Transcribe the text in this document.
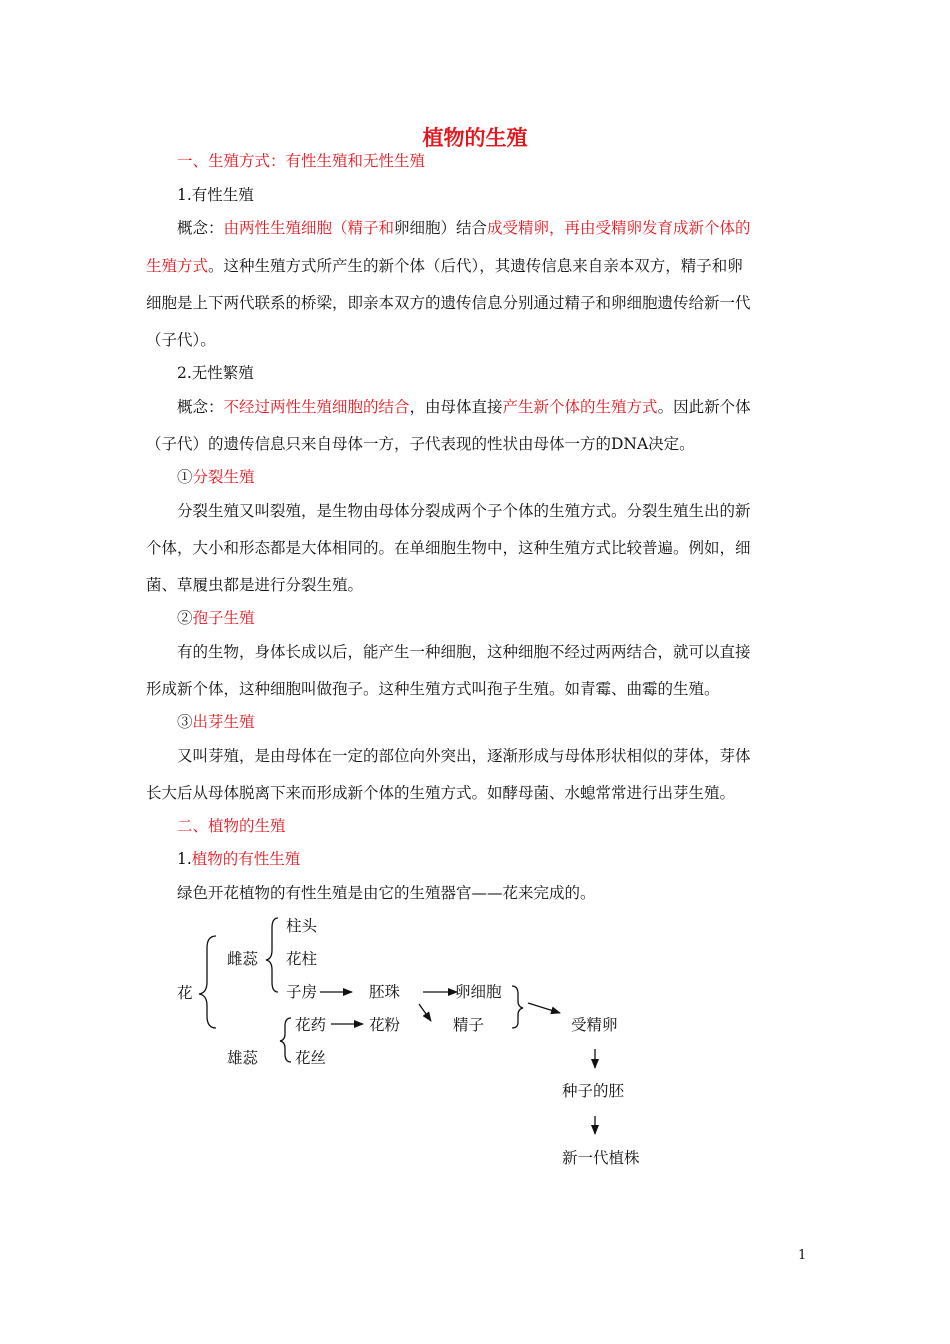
植物的生殖
一、生殖方式：有性生殖和无性生殖
1.有性生殖
概念：由两性生殖细胞（精子和卵细胞）结合成受精卵，再由受精卵发育成新个体的
生殖方式。这种生殖方式所产生的新个体（后代），其遗传信息来自亲本双方，精子和卵
细胞是上下两代联系的桥梁，即亲本双方的遗传信息分别通过精子和卵细胞遗传给新一代
（子代）。
2.无性繁殖
概念：不经过两性生殖细胞的结合，由母体直接产生新个体的生殖方式。因此新个体
（子代）的遗传信息只来自母体一方，子代表现的性状由母体一方的DNA决定。
①分裂生殖
分裂生殖又叫裂殖，是生物由母体分裂成两个子个体的生殖方式。分裂生殖生出的新
个体，大小和形态都是大体相同的。在单细胞生物中，这种生殖方式比较普遍。例如，细
菌、草履虫都是进行分裂生殖。
②孢子生殖
有的生物，身体长成以后，能产生一种细胞，这种细胞不经过两两结合，就可以直接
形成新个体，这种细胞叫做孢子。这种生殖方式叫孢子生殖。如青霉、曲霉的生殖。
③出芽生殖
又叫芽殖，是由母体在一定的部位向外突出，逐渐形成与母体形状相似的芽体，芽体
长大后从母体脱离下来而形成新个体的生殖方式。如酵母菌、水螅常常进行出芽生殖。
二、植物的生殖
1.植物的有性生殖
绿色开花植物的有性生殖是由它的生殖器官——花来完成的。
花
雌蕊
雄蕊
柱头
花柱
子房	胚珠	卵细胞
精子
花药	花粉
花丝
受精卵
种子的胚
新一代植株
1
